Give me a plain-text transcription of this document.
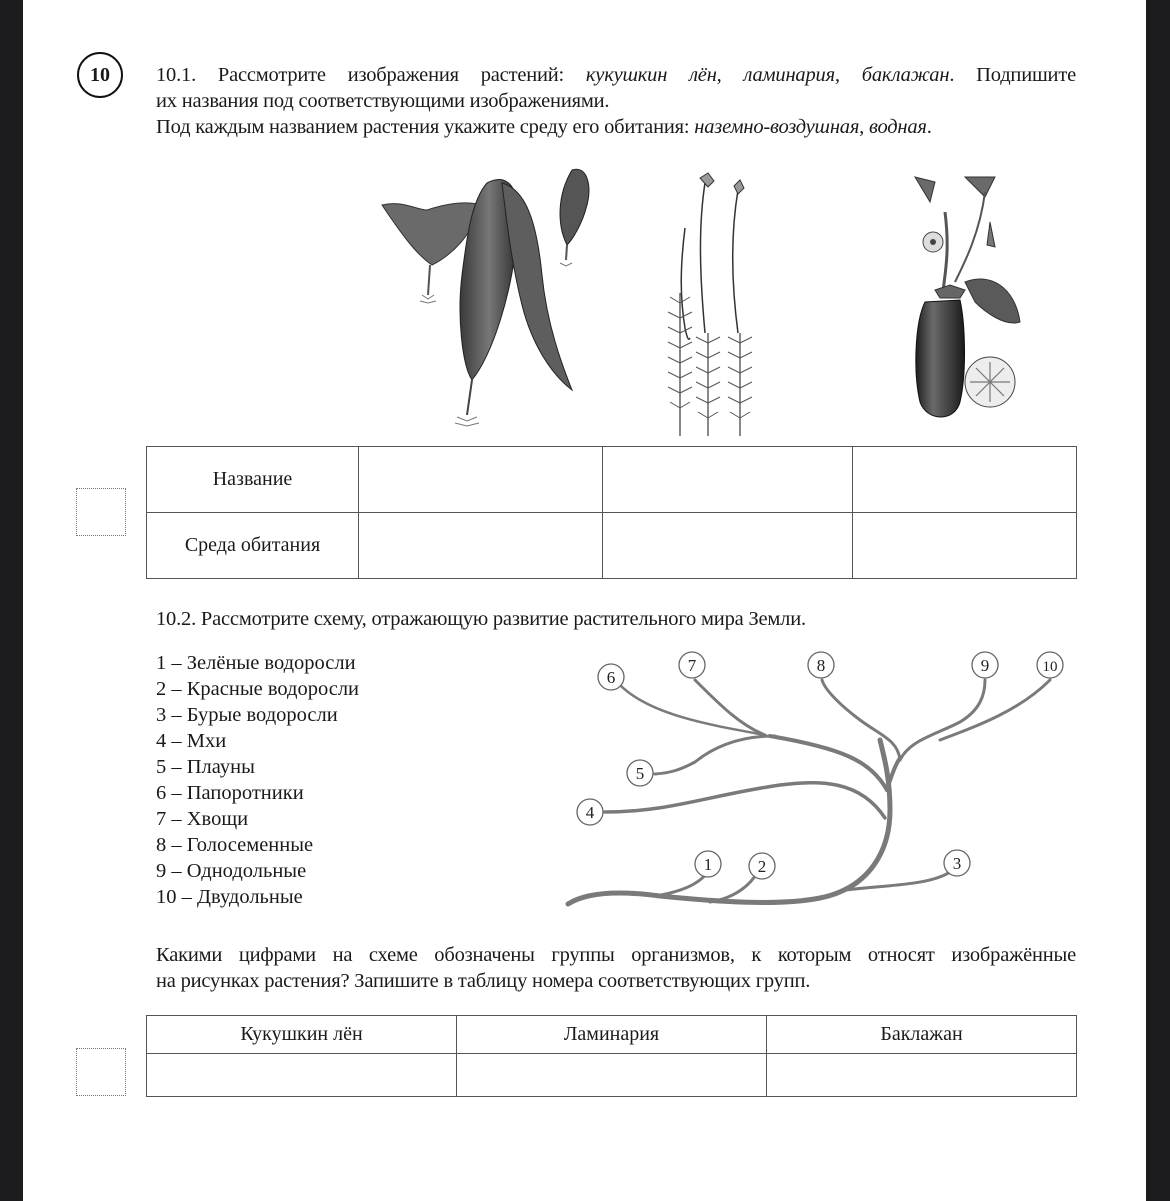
10 10.1. Рассмотрите изображения растений: кукушкин лён, ламинария, баклажан. Подпишите
их названия под соответствующими изображениями.
Под каждым названием растения укажите среду его обитания: наземно-воздушная, водная.
Название			
Среда обитания			
10.2. Рассмотрите схему, отражающую развитие растительного мира Земли.
1 – Зелёные водоросли
2 – Красные водоросли
3 – Бурые водоросли
4 – Мхи
5 – Плауны
6 – Папоротники
7 – Хвощи
8 – Голосеменные
9 – Однодольные
10 – Двудольные
1	2	3
4
5
6
7	8	9	10
Какими цифрами на схеме обозначены группы организмов, к которым относят изображённые
на рисунках растения? Запишите в таблицу номера соответствующих групп.
Кукушкин лён	Ламинария	Баклажан
